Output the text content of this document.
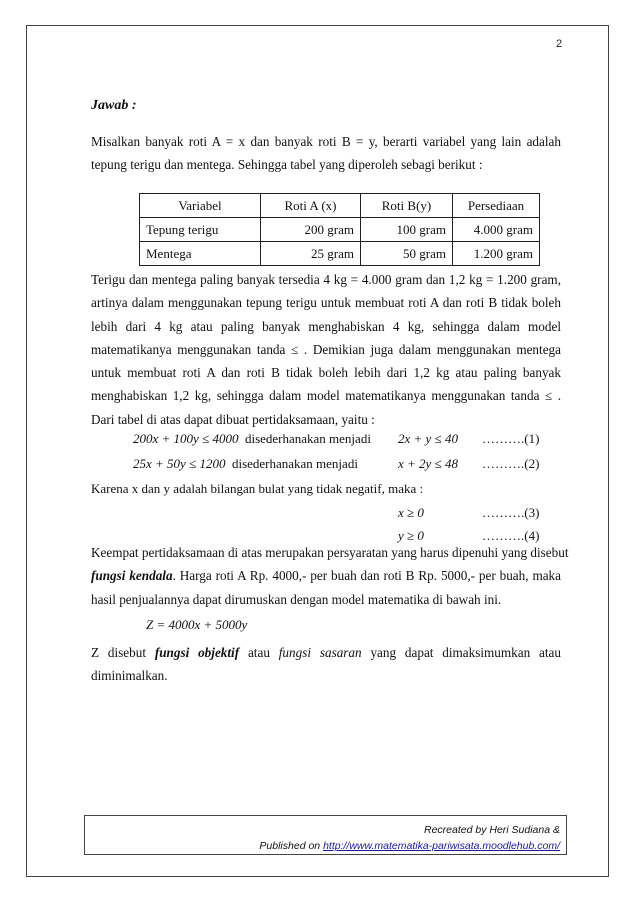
2
Jawab :
Misalkan banyak roti A = x dan banyak roti B = y, berarti variabel yang lain adalah
tepung terigu dan mentega. Sehingga tabel yang diperoleh sebagi berikut :
Variabel	Roti A (x)	Roti B(y)	Persediaan
Tepung terigu	200 gram	100 gram	4.000 gram
Mentega	25 gram	50 gram	1.200 gram
Terigu dan mentega paling banyak tersedia 4 kg = 4.000 gram dan 1,2 kg = 1.200 gram,
artinya dalam menggunakan tepung terigu untuk membuat roti A dan roti B tidak boleh
lebih dari 4 kg atau paling banyak menghabiskan 4 kg, sehingga dalam model
matematikanya menggunakan tanda ≤ . Demikian juga dalam menggunakan mentega
untuk membuat roti A dan roti B tidak boleh lebih dari 1,2 kg atau paling banyak
menghabiskan 1,2 kg, sehingga dalam model matematikanya menggunakan tanda ≤ .
Dari tabel di atas dapat dibuat pertidaksamaan, yaitu :
200x + 100y ≤ 4000 disederhanakan menjadi 2x + y ≤ 40 ……….(1)
25x + 50y ≤ 1200 disederhanakan menjadi	x + 2y ≤ 48 ……….(2)
Karena x dan y adalah bilangan bulat yang tidak negatif, maka :
x ≥ 0	……….(3)
y ≥ 0	……….(4)
Keempat pertidaksamaan di atas merupakan persyaratan yang harus dipenuhi yang disebut
fungsi kendala. Harga roti A Rp. 4000,- per buah dan roti B Rp. 5000,- per buah, maka
hasil penjualannya dapat dirumuskan dengan model matematika di bawah ini.
Z = 4000x + 5000y
Z disebut fungsi objektif atau fungsi sasaran yang dapat dimaksimumkan atau
diminimalkan.
Recreated by Heri Sudiana &
Published on http://www.matematika-pariwisata.moodlehub.com/
